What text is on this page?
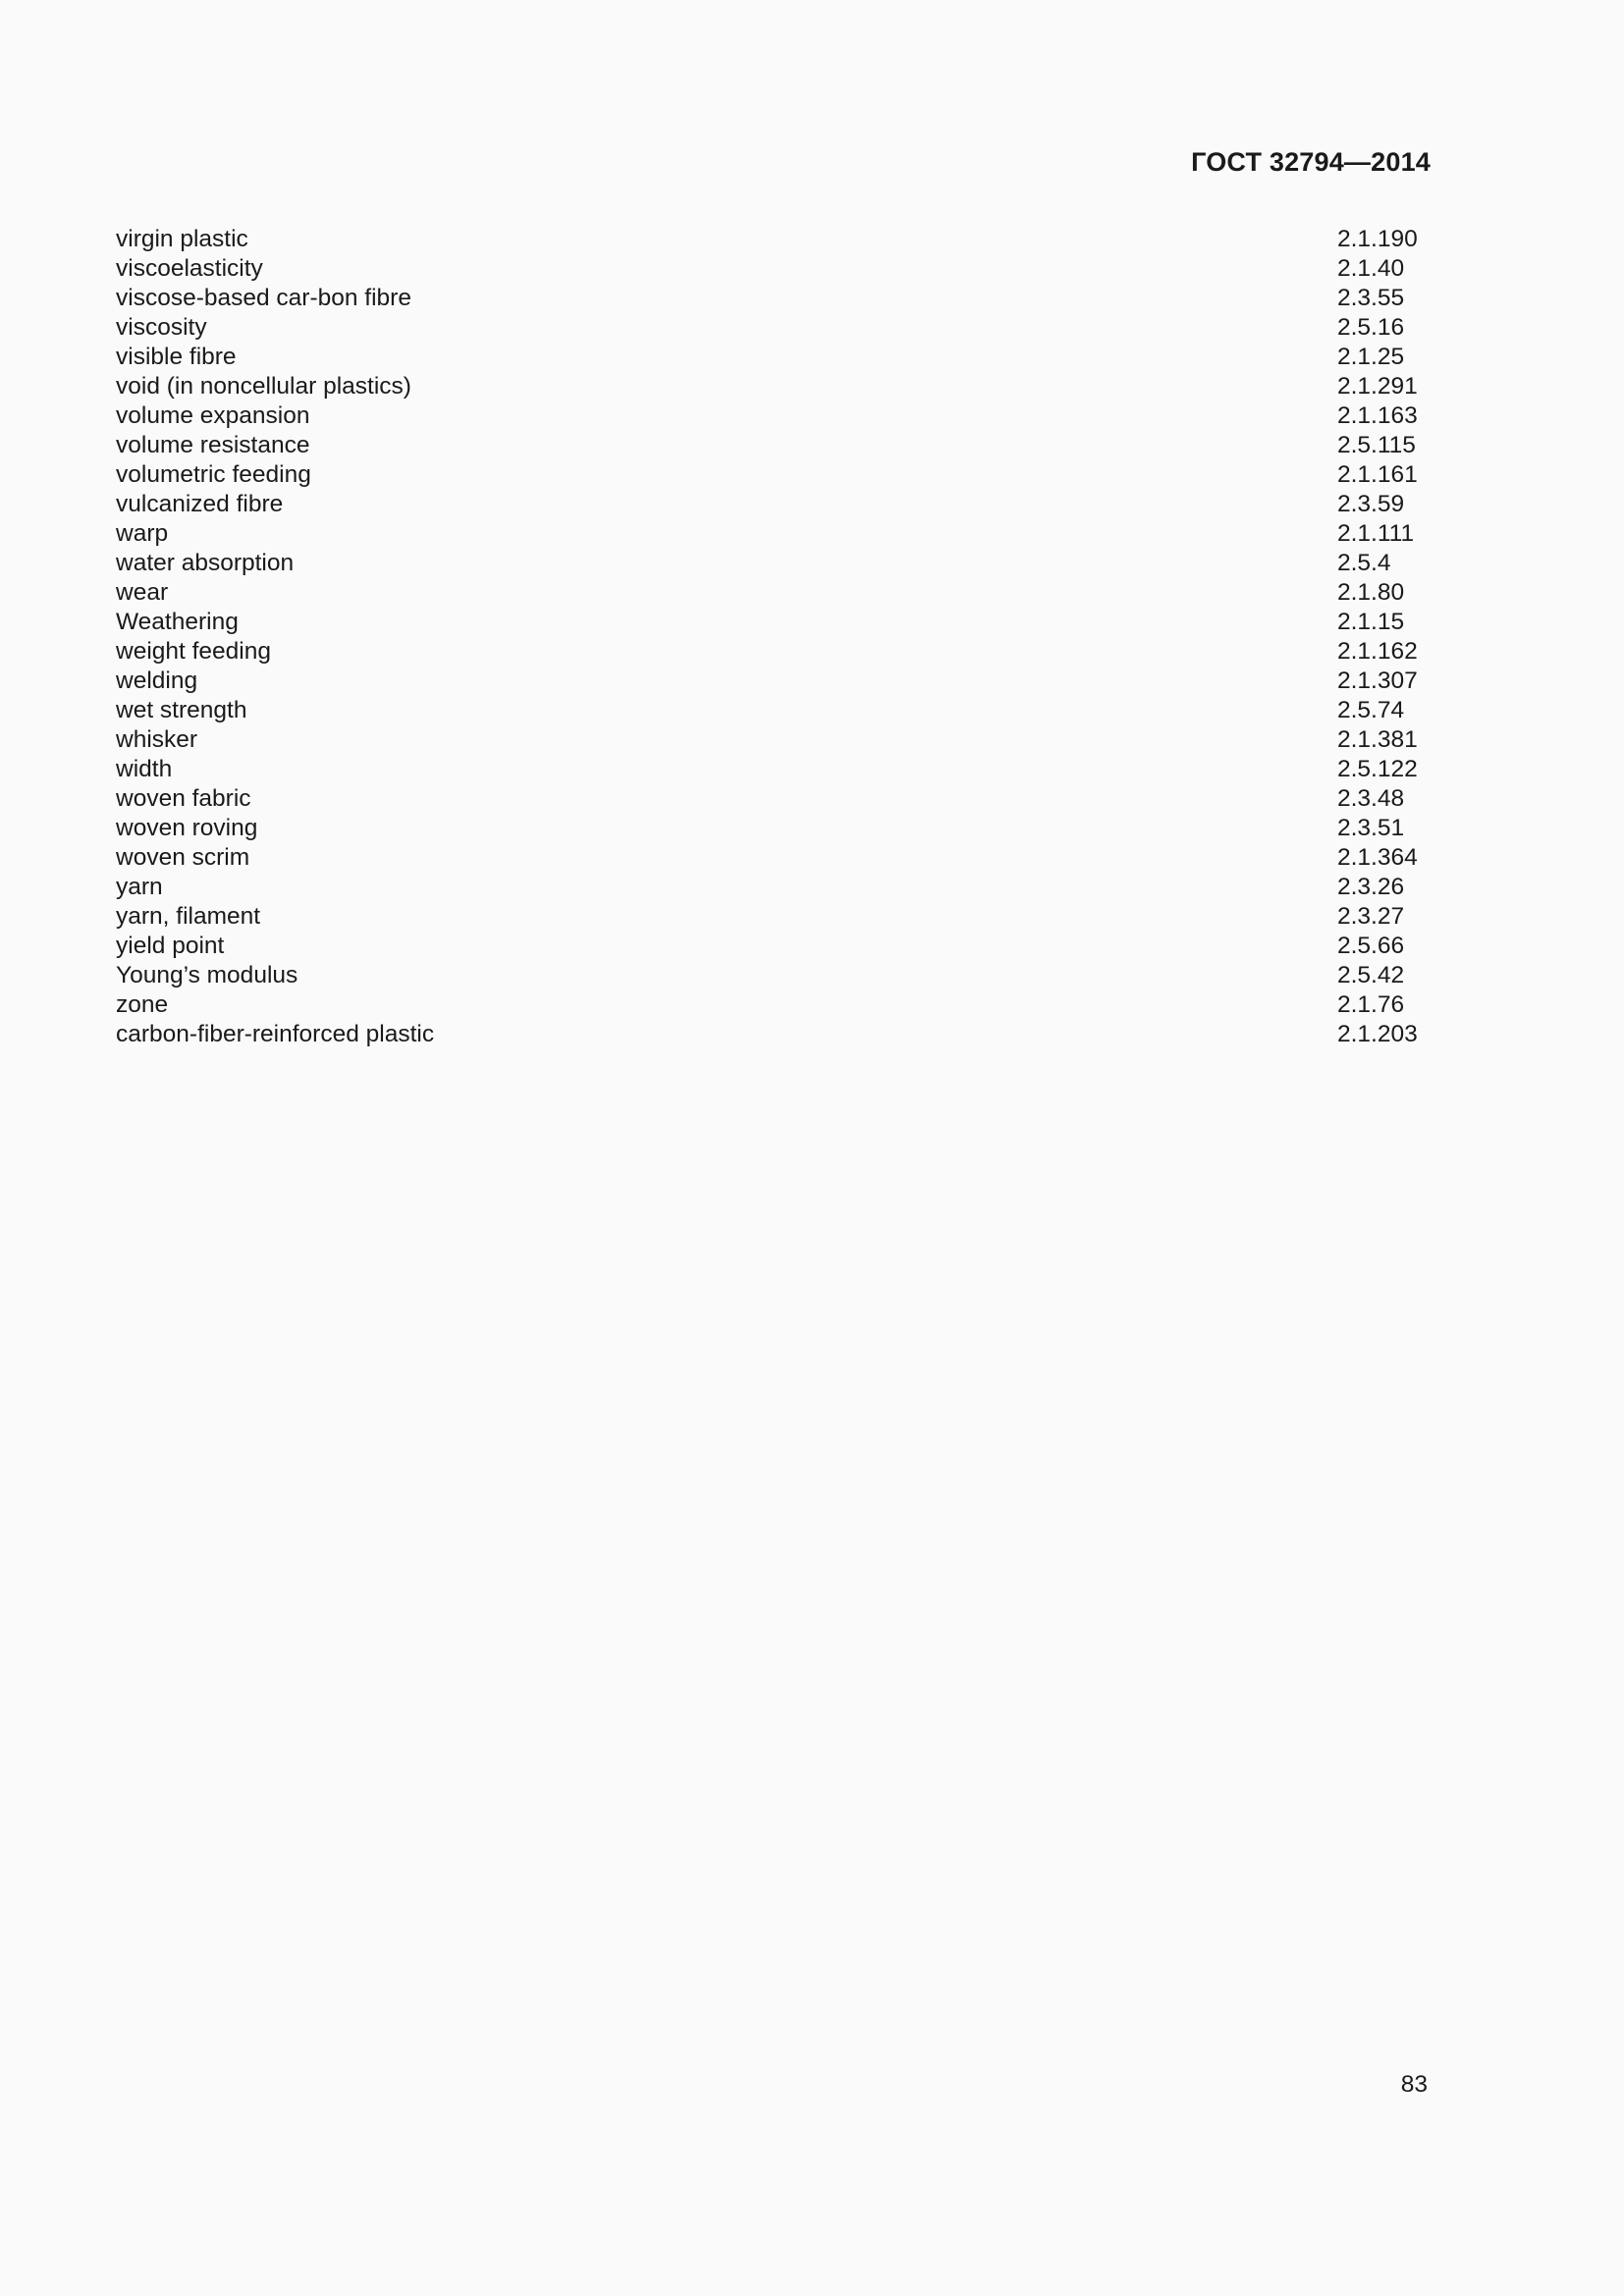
ГОСТ 32794—2014
virgin plastic	2.1.190
viscoelasticity	2.1.40
viscose-based car-bon fibre	2.3.55
viscosity	2.5.16
visible fibre	2.1.25
void (in noncellular plastics)	2.1.291
volume expansion	2.1.163
volume resistance	2.5.115
volumetric feeding	2.1.161
vulcanized fibre	2.3.59
warp	2.1.111
water absorption	2.5.4
wear	2.1.80
Weathering	2.1.15
weight feeding	2.1.162
welding	2.1.307
wet strength	2.5.74
whisker	2.1.381
width	2.5.122
woven fabric	2.3.48
woven roving	2.3.51
woven scrim	2.1.364
yarn	2.3.26
yarn, filament	2.3.27
yield point	2.5.66
Young’s modulus	2.5.42
zone	2.1.76
carbon-fiber-reinforced plastic	2.1.203
83
